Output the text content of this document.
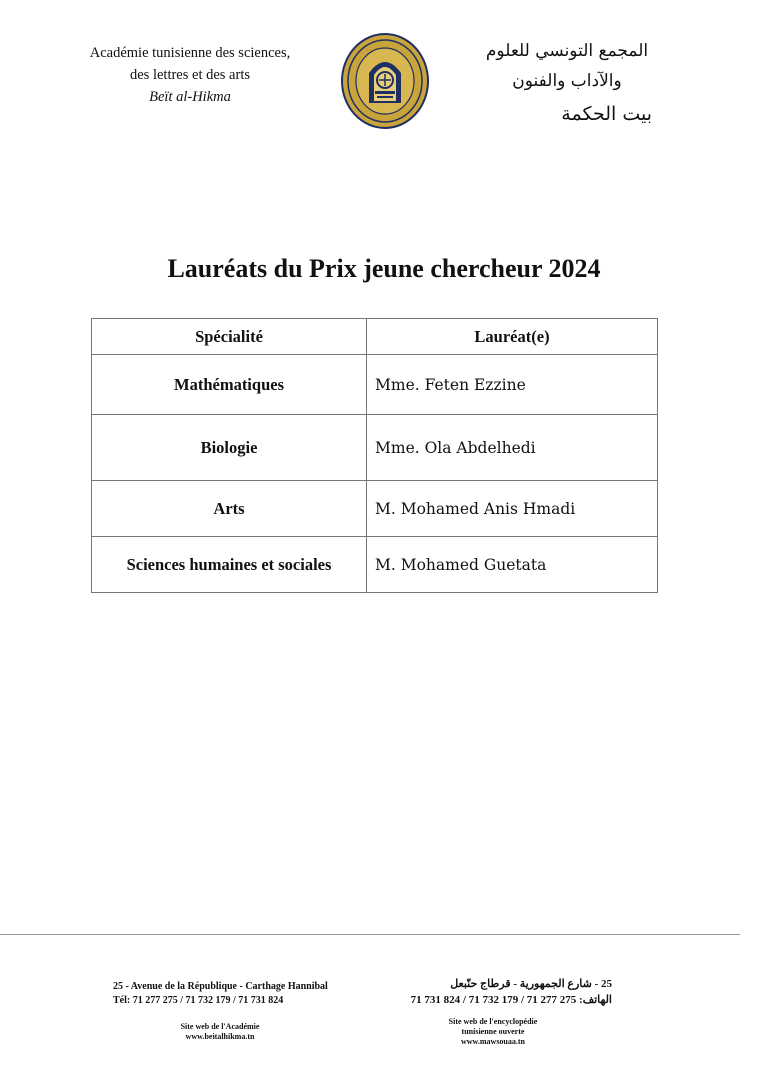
Académie tunisienne des sciences,
des lettres et des arts
Beït al-Hikma
المجمع التونسي للعلوم والآداب والفنون
بيت الحكمة
Lauréats du Prix jeune chercheur 2024
Spécialité	Lauréat(e)
Mathématiques	Mme. Feten Ezzine
Biologie	Mme. Ola Abdelhedi
Arts	M. Mohamed Anis Hmadi
Sciences humaines et sociales	M. Mohamed Guetata
25 - Avenue de la République - Carthage Hannibal
Tél: 71 277 275 / 71 732 179 / 71 731 824
25 - شارع الجمهورية - قرطاج حنّبعل
الهاتف: 275 277 71 / 179 732 71 / 824 731 71
Site web de l'Académie
www.beitalhikma.tn
Site web de l'encyclopédie
tunisienne ouverte
www.mawsouaa.tn
